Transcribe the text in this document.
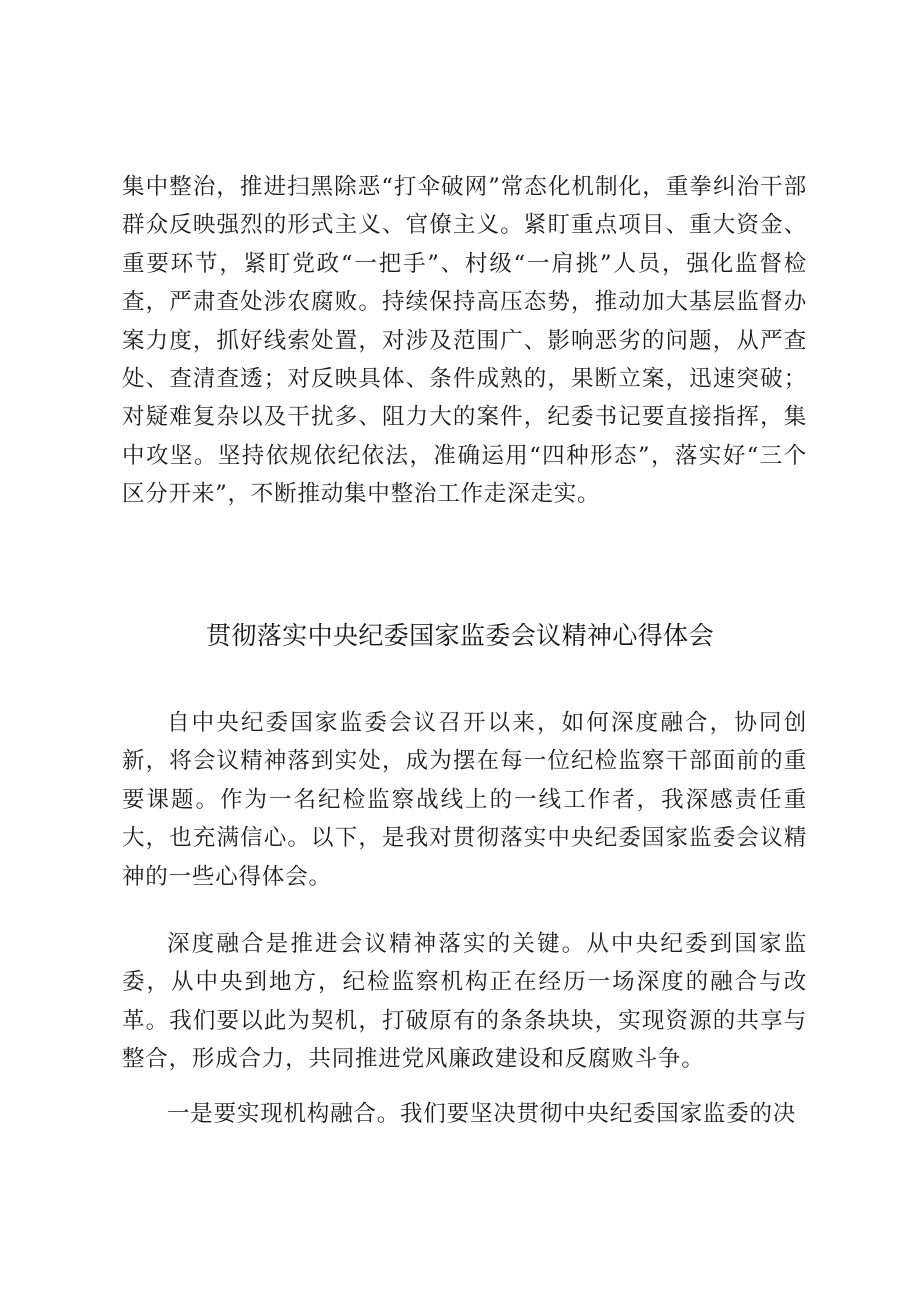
集中整治，推进扫黑除恶“打伞破网”常态化机制化，重拳纠治干部群众反映强烈的形式主义、官僚主义。紧盯重点项目、重大资金、重要环节，紧盯党政“一把手”、村级“一肩挑”人员，强化监督检查，严肃查处涉农腐败。持续保持高压态势，推动加大基层监督办案力度，抓好线索处置，对涉及范围广、影响恶劣的问题，从严查处、查清查透；对反映具体、条件成熟的，果断立案，迅速突破；对疑难复杂以及干扰多、阻力大的案件，纪委书记要直接指挥，集中攻坚。坚持依规依纪依法，准确运用“四种形态”，落实好“三个区分开来”，不断推动集中整治工作走深走实。

贯彻落实中央纪委国家监委会议精神心得体会

自中央纪委国家监委会议召开以来，如何深度融合，协同创新，将会议精神落到实处，成为摆在每一位纪检监察干部面前的重要课题。作为一名纪检监察战线上的一线工作者，我深感责任重大，也充满信心。以下，是我对贯彻落实中央纪委国家监委会议精神的一些心得体会。

深度融合是推进会议精神落实的关键。从中央纪委到国家监委，从中央到地方，纪检监察机构正在经历一场深度的融合与改革。我们要以此为契机，打破原有的条条块块，实现资源的共享与整合，形成合力，共同推进党风廉政建设和反腐败斗争。

一是要实现机构融合。我们要坚决贯彻中央纪委国家监委的决
